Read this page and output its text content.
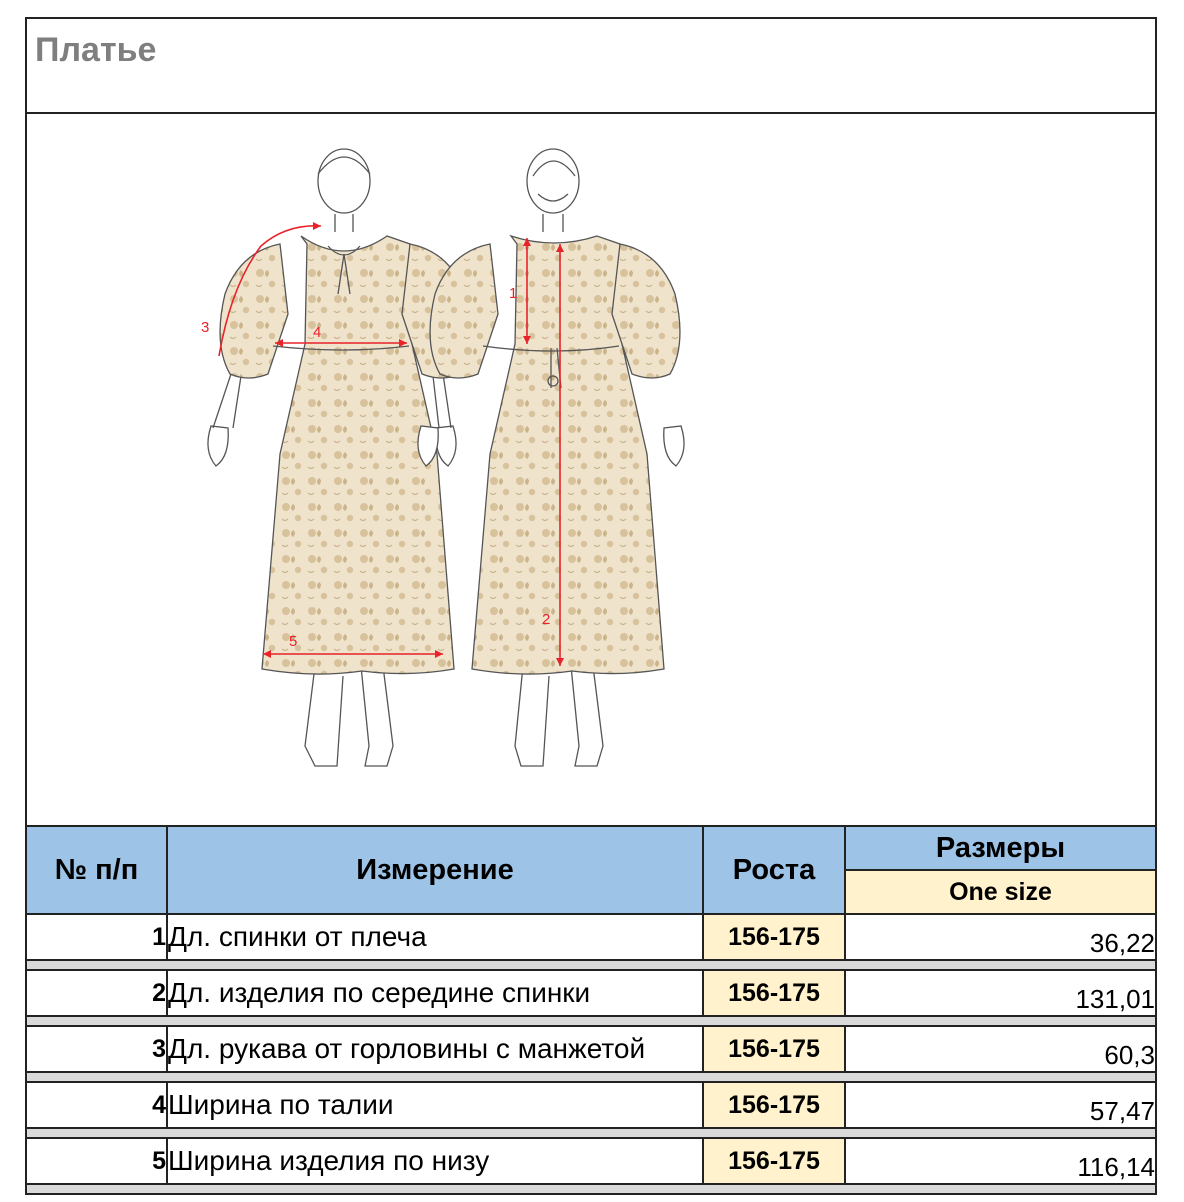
Платье
1
2
3	4
5
№ п/п	Измерение	Роста	Размеры
			One size
1	Дл. спинки от плеча	156-175	36,22

2	Дл. изделия по середине спинки	156-175	131,01

3	Дл. рукава от горловины с манжетой	156-175	60,3

4	Ширина по талии	156-175	57,47

5	Ширина изделия по низу	156-175	116,14
